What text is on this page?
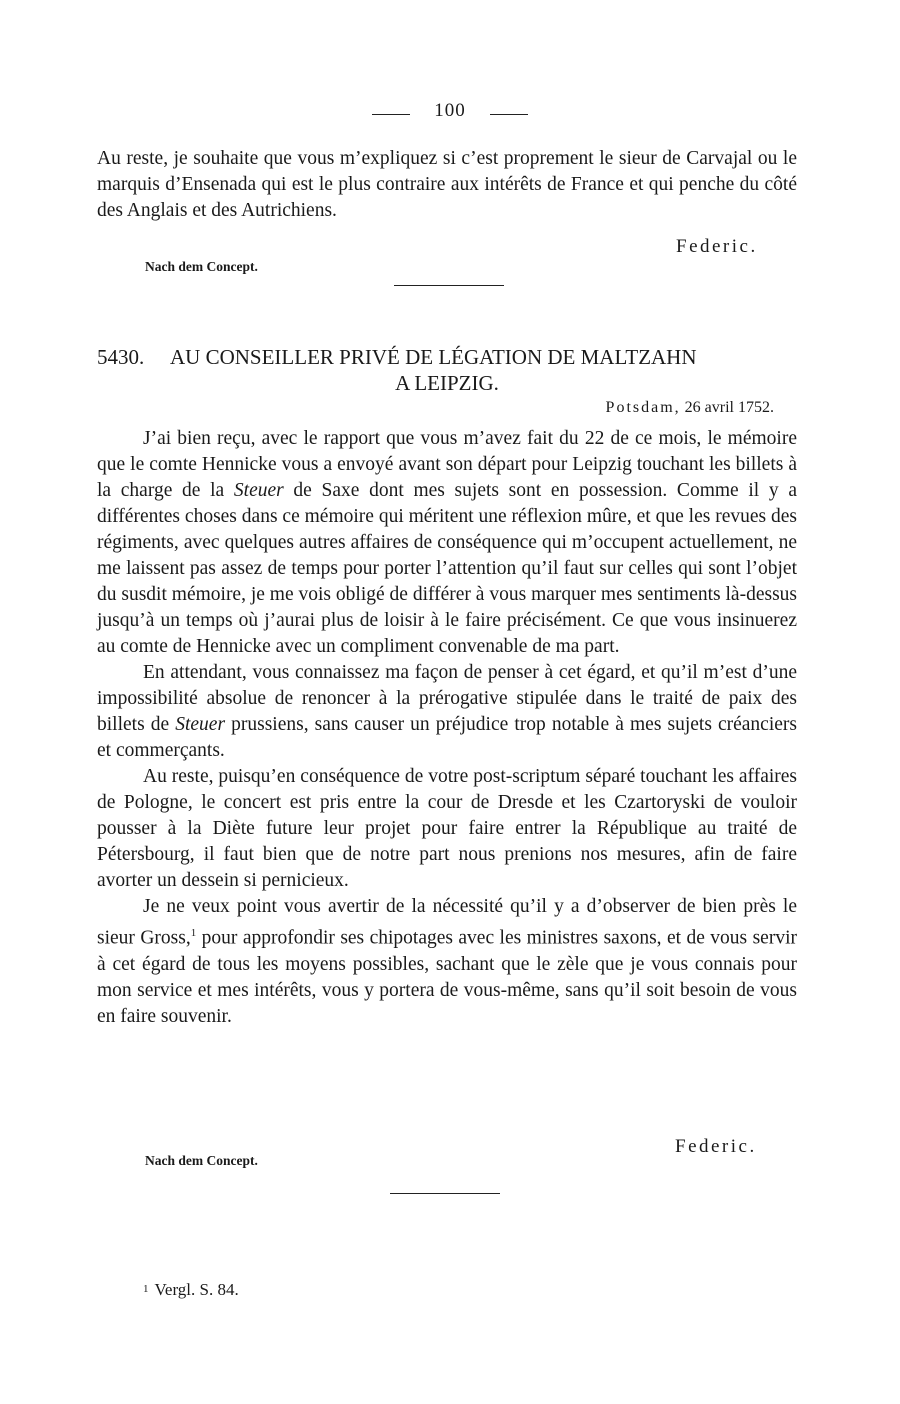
100
Au reste, je souhaite que vous m’expliquez si c’est proprement le sieur de Carvajal ou le marquis d’Ensenada qui est le plus contraire aux intérêts de France et qui penche du côté des Anglais et des Autrichiens.
Federic.
Nach dem Concept.
5430. AU CONSEILLER PRIVÉ DE LÉGATION DE MALTZAHN
A LEIPZIG.
Potsdam, 26 avril 1752.

J’ai bien reçu, avec le rapport que vous m’avez fait du 22 de ce mois, le mémoire que le comte Hennicke vous a envoyé avant son départ pour Leipzig touchant les billets à la charge de la Steuer de Saxe dont mes sujets sont en possession. Comme il y a différentes choses dans ce mémoire qui méritent une réflexion mûre, et que les revues des régiments, avec quelques autres affaires de conséquence qui m’occupent actuellement, ne me laissent pas assez de temps pour porter l’attention qu’il faut sur celles qui sont l’objet du susdit mémoire, je me vois obligé de différer à vous marquer mes sentiments là-dessus jusqu’à un temps où j’aurai plus de loisir à le faire précisément. Ce que vous insinuerez au comte de Hennicke avec un compliment convenable de ma part.

En attendant, vous connaissez ma façon de penser à cet égard, et qu’il m’est d’une impossibilité absolue de renoncer à la prérogative stipulée dans le traité de paix des billets de Steuer prussiens, sans causer un préjudice trop notable à mes sujets créanciers et commerçants.

Au reste, puisqu’en conséquence de votre post-scriptum séparé touchant les affaires de Pologne, le concert est pris entre la cour de Dresde et les Czartoryski de vouloir pousser à la Diète future leur projet pour faire entrer la République au traité de Pétersbourg, il faut bien que de notre part nous prenions nos mesures, afin de faire avorter un dessein si pernicieux.

Je ne veux point vous avertir de la nécessité qu’il y a d’observer de bien près le sieur Gross,$^1$ pour approfondir ses chipotages avec les ministres saxons, et de vous servir à cet égard de tous les moyens possibles, sachant que le zèle que je vous connais pour mon service et mes intérêts, vous y portera de vous-même, sans qu’il soit besoin de vous en faire souvenir.

Federic.
Nach dem Concept.
1 Vergl. S. 84.
